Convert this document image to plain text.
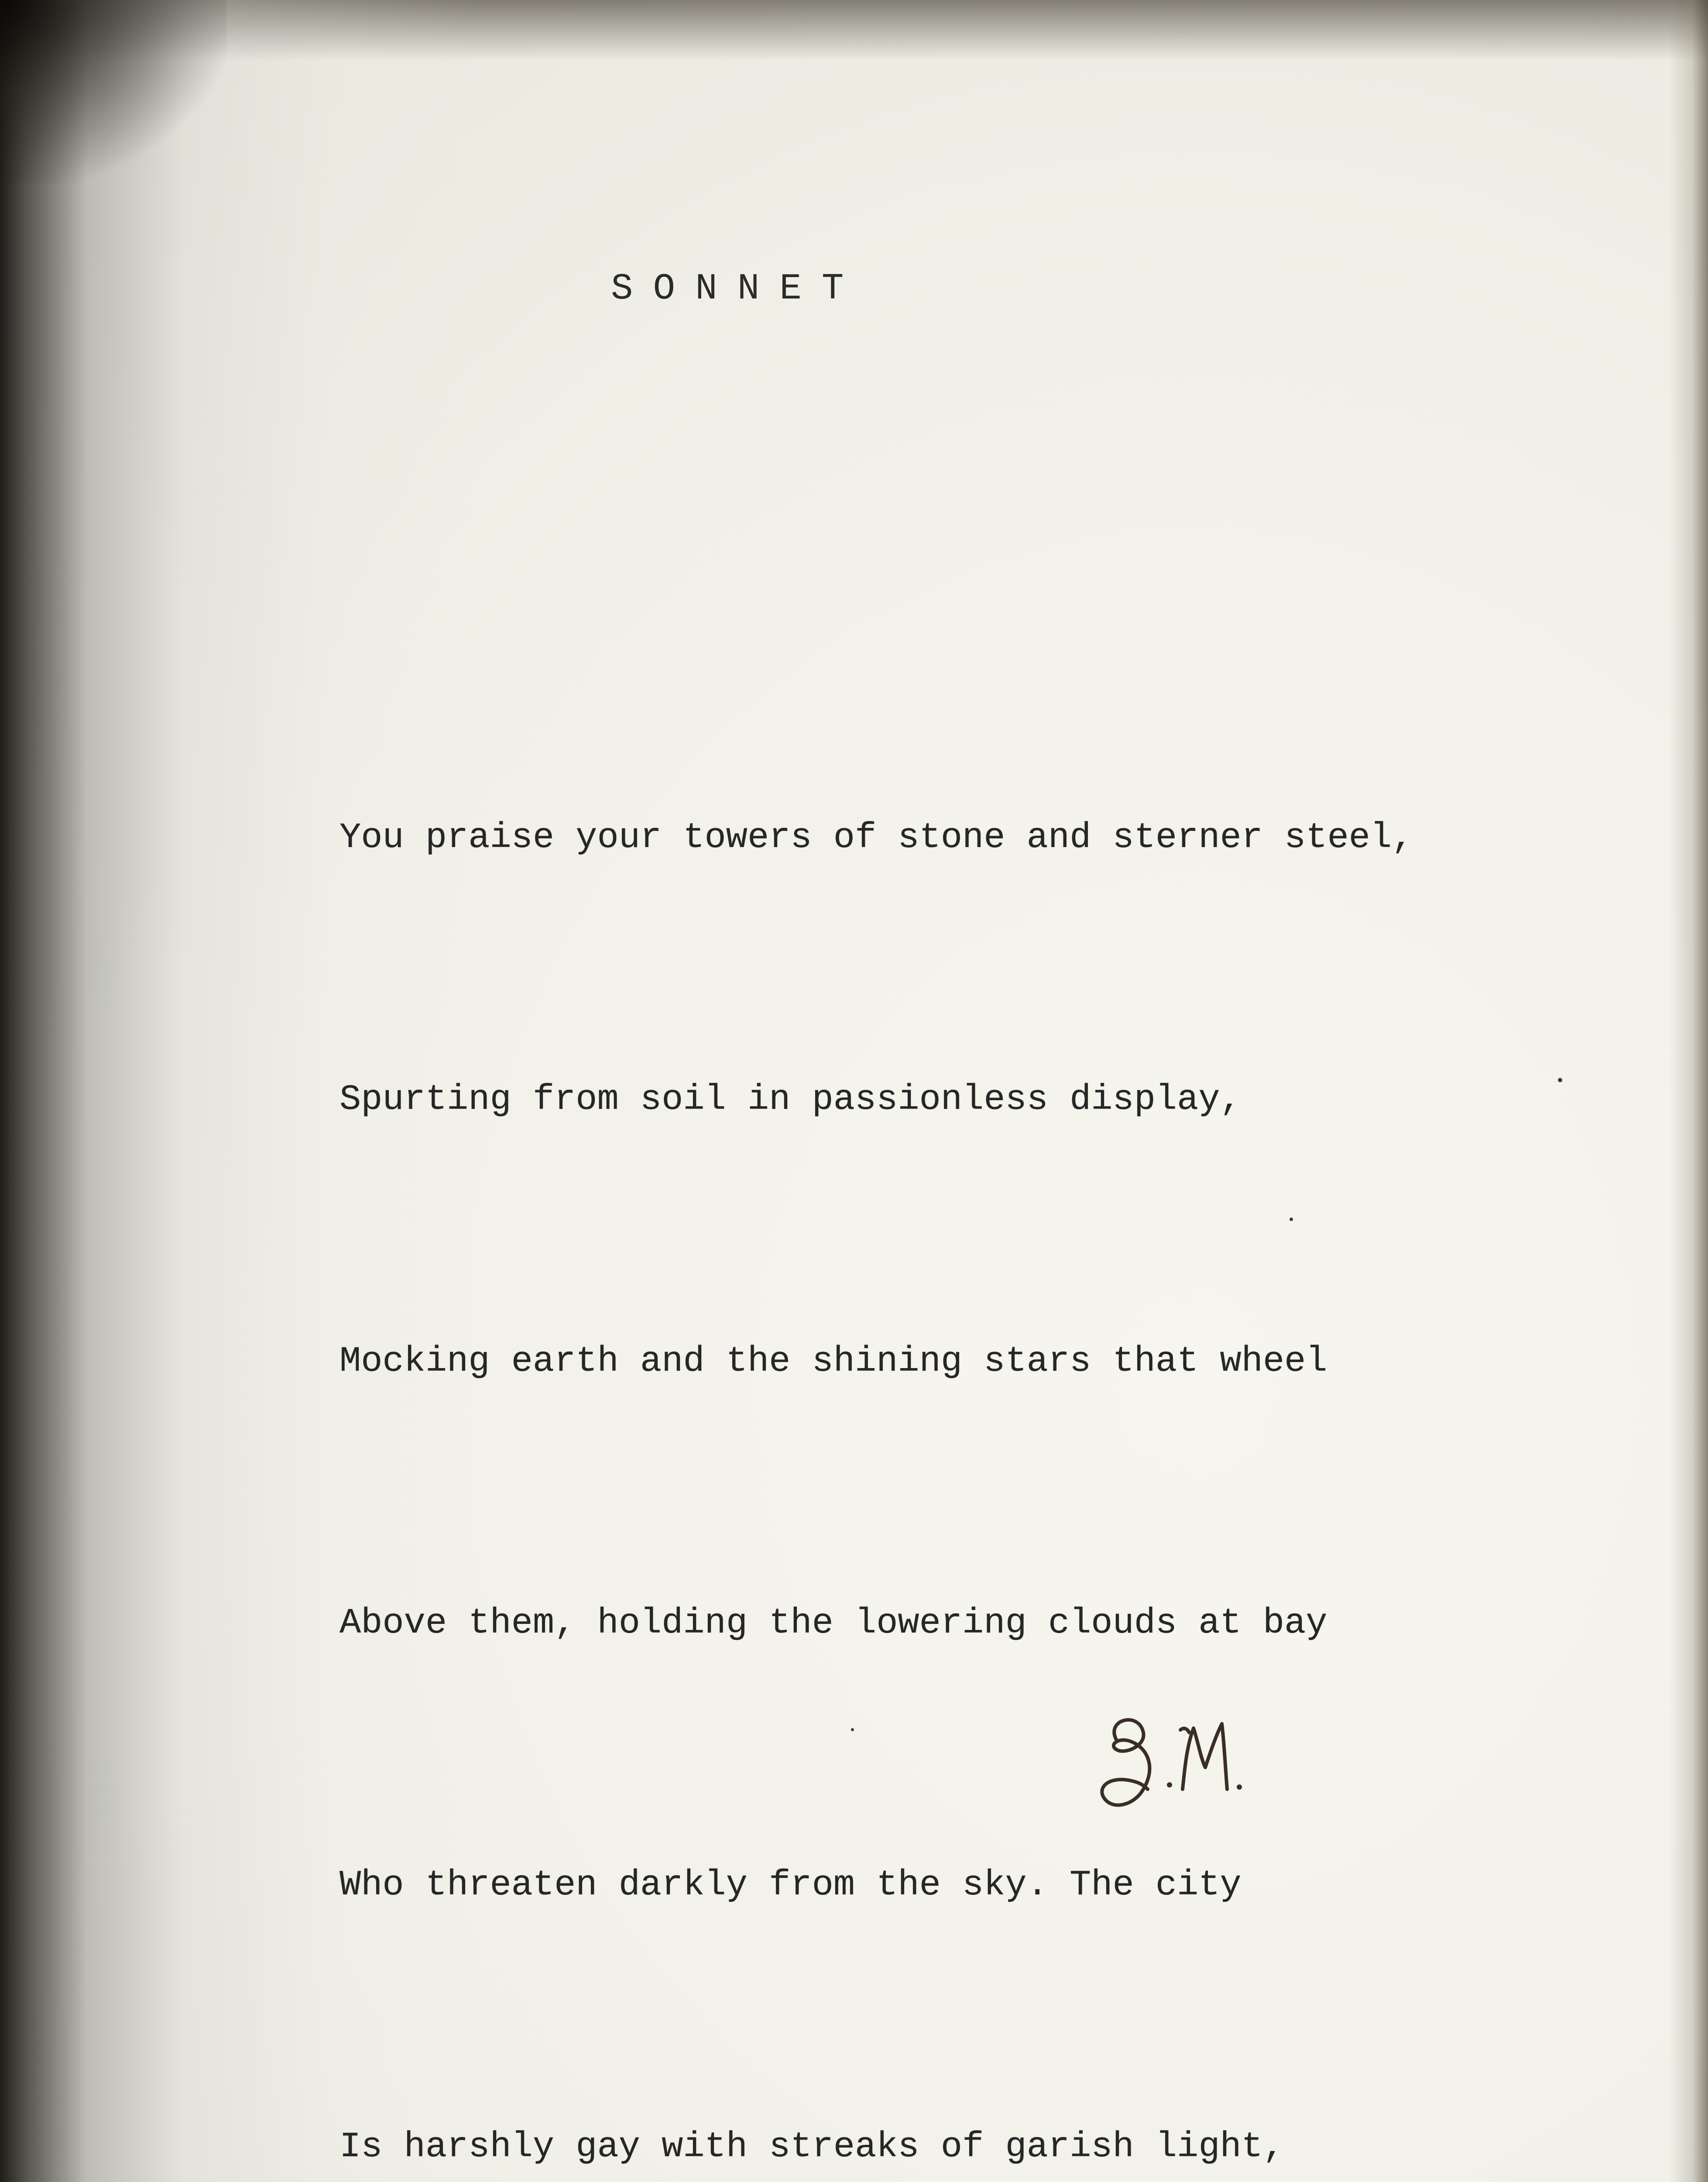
SONNET

You praise your towers of stone and sterner steel,

Spurting from soil in passionless display,

Mocking earth and the shining stars that wheel

Above them, holding the lowering clouds at bay

Who threaten darkly from the sky. The city

Is harshly gay with streaks of garish light,
